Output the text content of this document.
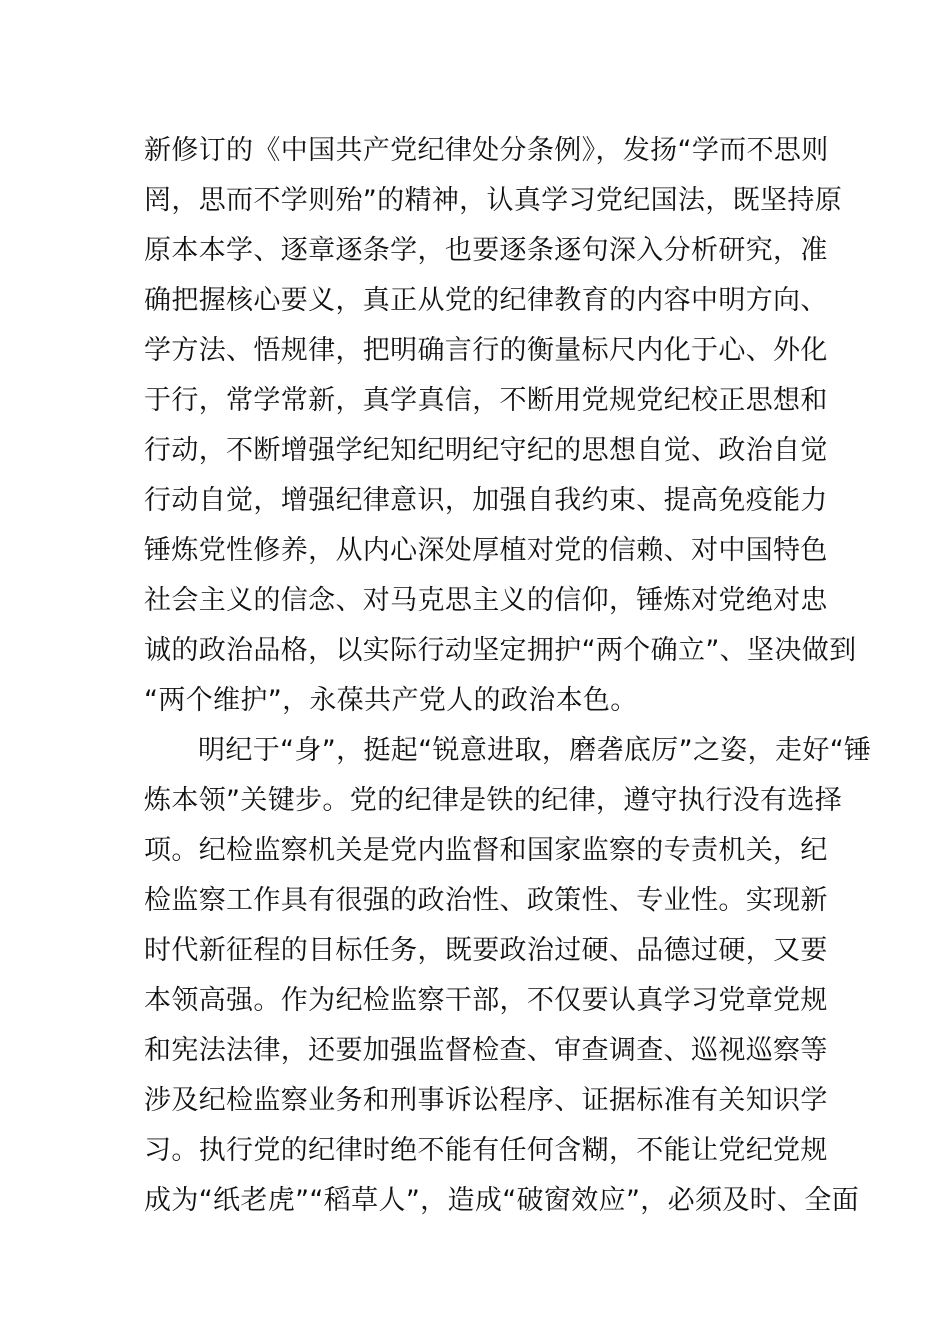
新修订的《中国共产党纪律处分条例》，发扬“学而不思则
罔，思而不学则殆”的精神，认真学习党纪国法，既坚持原
原本本学、逐章逐条学，也要逐条逐句深入分析研究，准
确把握核心要义，真正从党的纪律教育的内容中明方向、
学方法、悟规律，把明确言行的衡量标尺内化于心、外化
于行，常学常新，真学真信，不断用党规党纪校正思想和
行动，不断增强学纪知纪明纪守纪的思想自觉、政治自觉
行动自觉，增强纪律意识，加强自我约束、提高免疫能力
锤炼党性修养，从内心深处厚植对党的信赖、对中国特色
社会主义的信念、对马克思主义的信仰，锤炼对党绝对忠
诚的政治品格，以实际行动坚定拥护“两个确立”、坚决做到
“两个维护”，永葆共产党人的政治本色。
明纪于“身”，挺起“锐意进取，磨砻底厉”之姿，走好“锤
炼本领”关键步。党的纪律是铁的纪律，遵守执行没有选择
项。纪检监察机关是党内监督和国家监察的专责机关，纪
检监察工作具有很强的政治性、政策性、专业性。实现新
时代新征程的目标任务，既要政治过硬、品德过硬，又要
本领高强。作为纪检监察干部，不仅要认真学习党章党规
和宪法法律，还要加强监督检查、审查调查、巡视巡察等
涉及纪检监察业务和刑事诉讼程序、证据标准有关知识学
习。执行党的纪律时绝不能有任何含糊，不能让党纪党规
成为“纸老虎”“稻草人”，造成“破窗效应”，必须及时、全面
